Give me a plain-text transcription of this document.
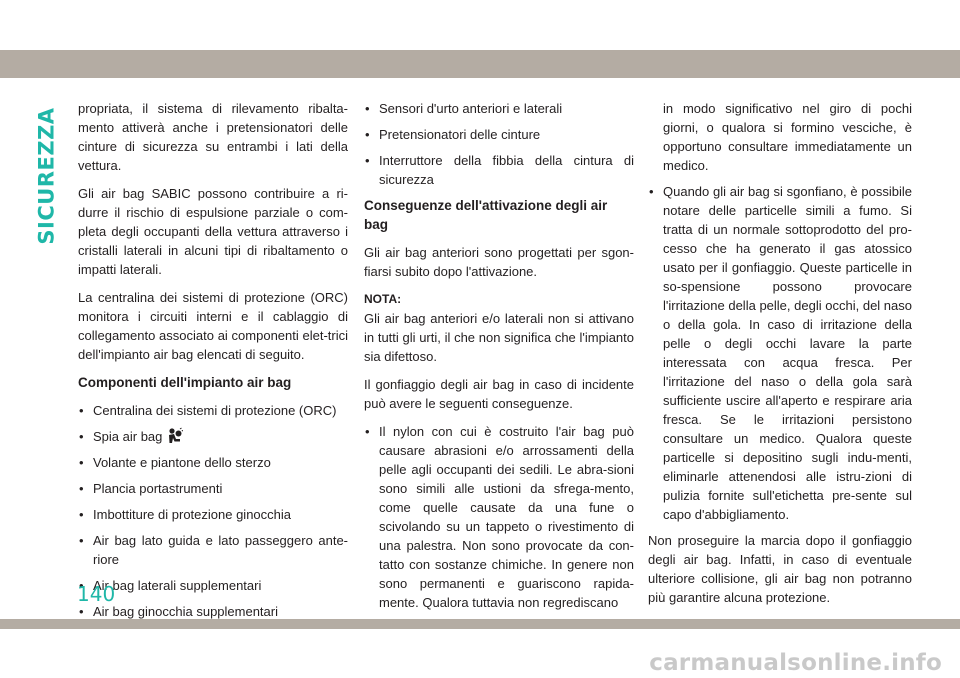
SICUREZZA propriata, il sistema di rilevamento ribalta-mento attiverà anche i pretensionatori delle cinture di sicurezza su entrambi i lati della vettura.

Gli air bag SABIC possono contribuire a ri-durre il rischio di espulsione parziale o com-pleta degli occupanti della vettura attraverso i cristalli laterali in alcuni tipi di ribaltamento o impatti laterali.

La centralina dei sistemi di protezione (ORC) monitora i circuiti interni e il cablaggio di collegamento associato ai componenti elet-trici dell'impianto air bag elencati di seguito.

Componenti dell'impianto air bag
• Centralina dei sistemi di protezione (ORC)
• Spia air bag
• Volante e piantone dello sterzo
• Plancia portastrumenti
• Imbottiture di protezione ginocchia
• Air bag lato guida e lato passeggero ante-riore
• Air bag laterali supplementari
• Air bag ginocchia supplementari
• Sensori d'urto anteriori e laterali
• Pretensionatori delle cinture
• Interruttore della fibbia della cintura di sicurezza
Conseguenze dell'attivazione degli air bag

Gli air bag anteriori sono progettati per sgon-fiarsi subito dopo l'attivazione.

NOTA:
Gli air bag anteriori e/o laterali non si attivano in tutti gli urti, il che non significa che l'impianto sia difettoso.

Il gonfiaggio degli air bag in caso di incidente può avere le seguenti conseguenze.

• Il nylon con cui è costruito l'air bag può causare abrasioni e/o arrossamenti della pelle agli occupanti dei sedili. Le abra-sioni sono simili alle ustioni da sfrega-mento, come quelle causate da una fune o scivolando su un tappeto o rivestimento di una palestra. Non sono provocate da con-tatto con sostanze chimiche. In genere non sono permanenti e guariscono rapida-mente. Qualora tuttavia non regrediscano
in modo significativo nel giro di pochi giorni, o qualora si formino vesciche, è opportuno consultare immediatamente un medico.
• Quando gli air bag si sgonfiano, è possibile notare delle particelle simili a fumo. Si tratta di un normale sottoprodotto del pro-cesso che ha generato il gas atossico usato per il gonfiaggio. Queste particelle in so-spensione possono provocare l'irritazione della pelle, degli occhi, del naso o della gola. In caso di irritazione della pelle o degli occhi lavare la parte interessata con acqua fresca. Per l'irritazione del naso o della gola sarà sufficiente uscire all'aperto e respirare aria fresca. Se le irritazioni persistono consultare un medico. Qualora queste particelle si depositino sugli indu-menti, eliminarle attenendosi alle istru-zioni di pulizia fornite sull'etichetta pre-sente sul capo d'abbigliamento.

Non proseguire la marcia dopo il gonfiaggio degli air bag. Infatti, in caso di eventuale ulteriore collisione, gli air bag non potranno più garantire alcuna protezione.

140
carmanualsonline.info
